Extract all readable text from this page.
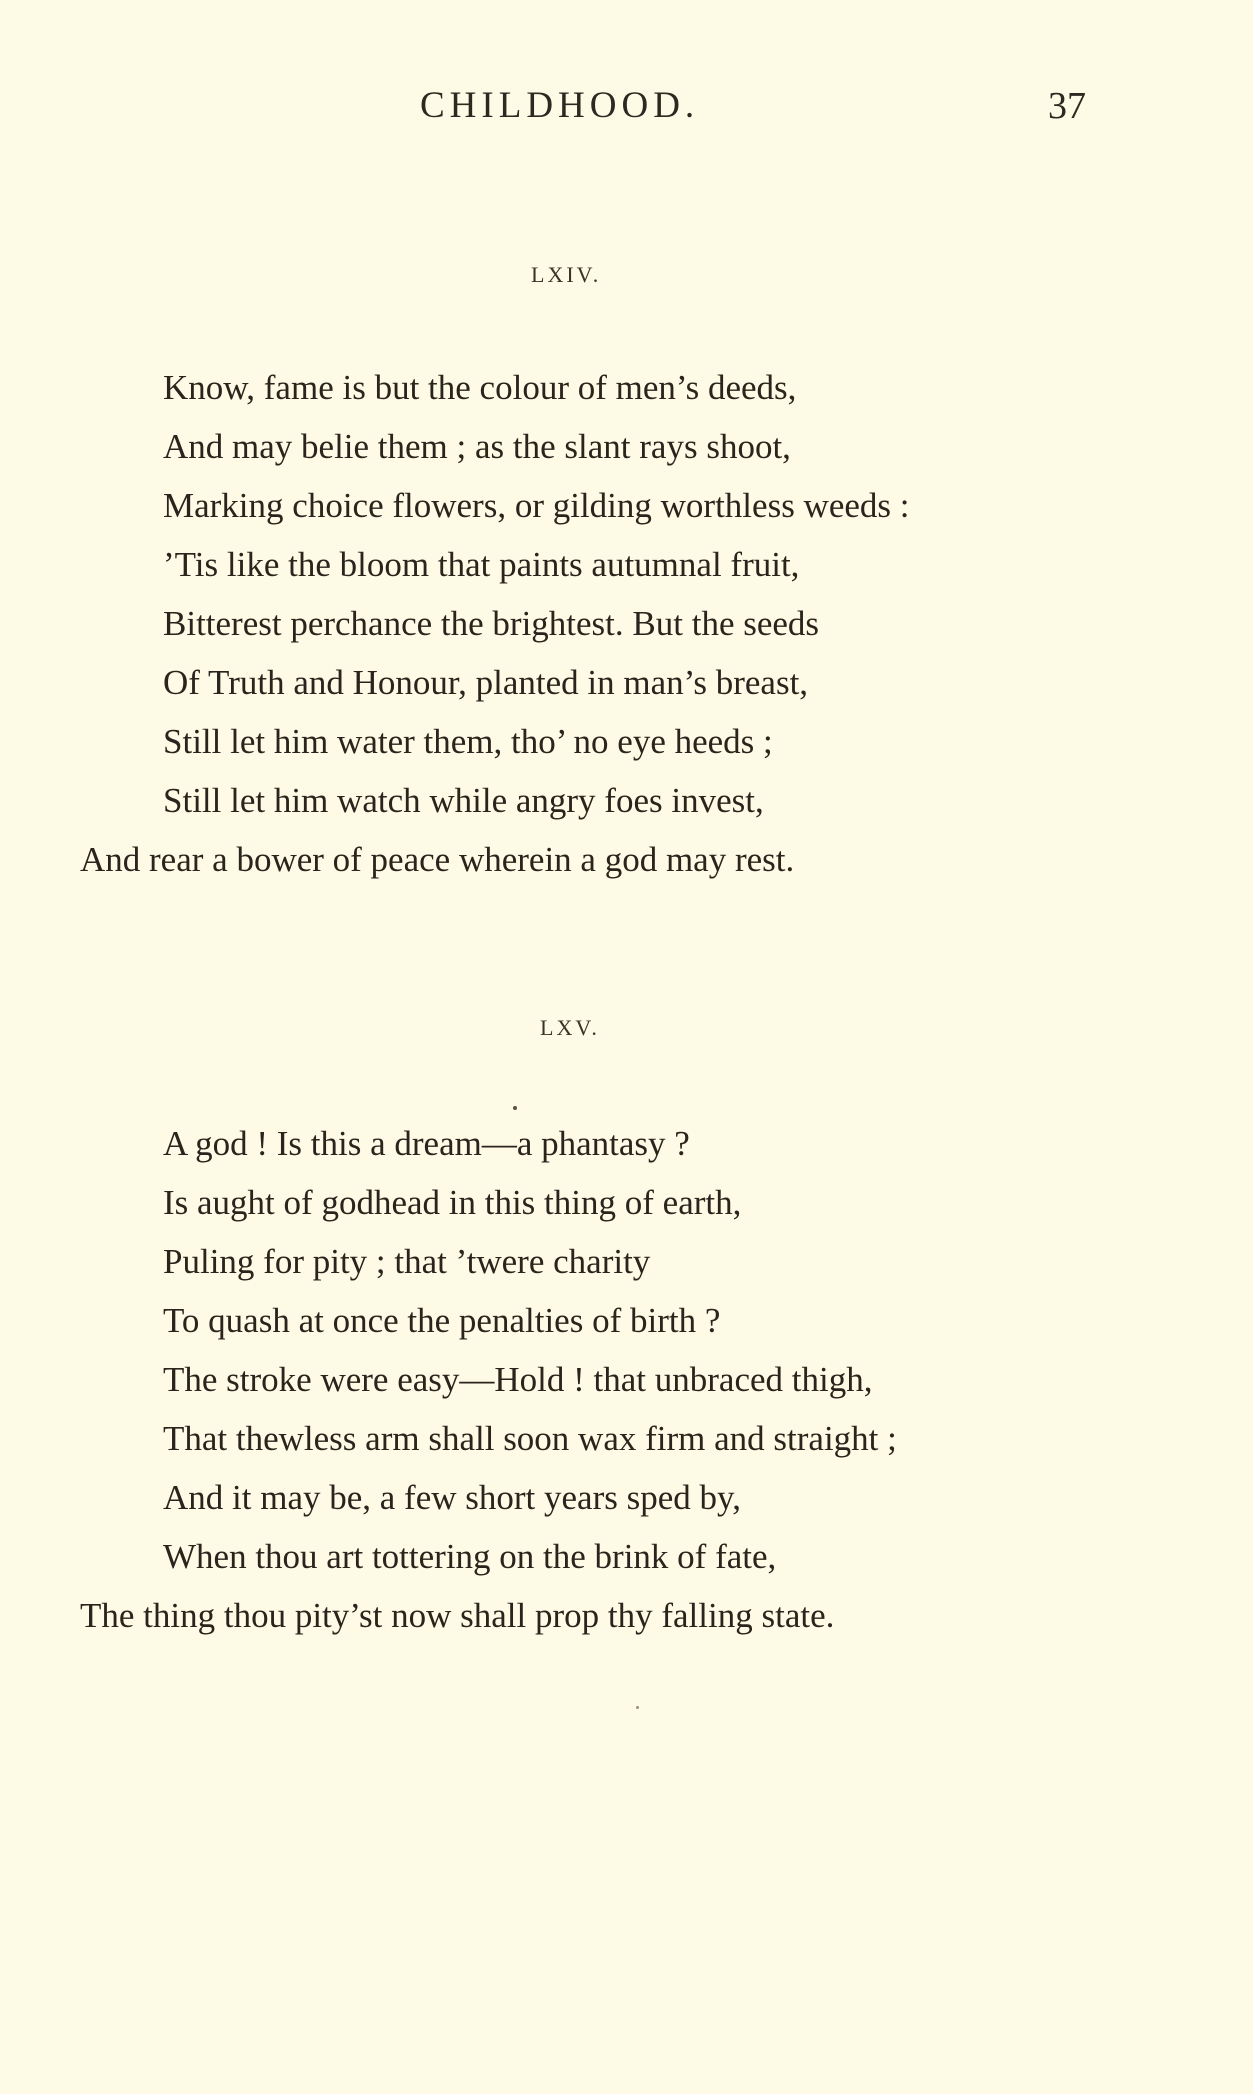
CHILDHOOD.	37
LXIV.
Know, fame is but the colour of men’s deeds,
And may belie them ; as the slant rays shoot,
Marking choice flowers, or gilding worthless weeds :
’Tis like the bloom that paints autumnal fruit,
Bitterest perchance the brightest. But the seeds
Of Truth and Honour, planted in man’s breast,
Still let him water them, tho’ no eye heeds ;
Still let him watch while angry foes invest,
And rear a bower of peace wherein a god may rest.
LXV.
A god ! Is this a dream—a phantasy ?
Is aught of godhead in this thing of earth,
Puling for pity ; that ’twere charity
To quash at once the penalties of birth ?
The stroke were easy—Hold ! that unbraced thigh,
That thewless arm shall soon wax firm and straight ;
And it may be, a few short years sped by,
When thou art tottering on the brink of fate,
The thing thou pity’st now shall prop thy falling state.
